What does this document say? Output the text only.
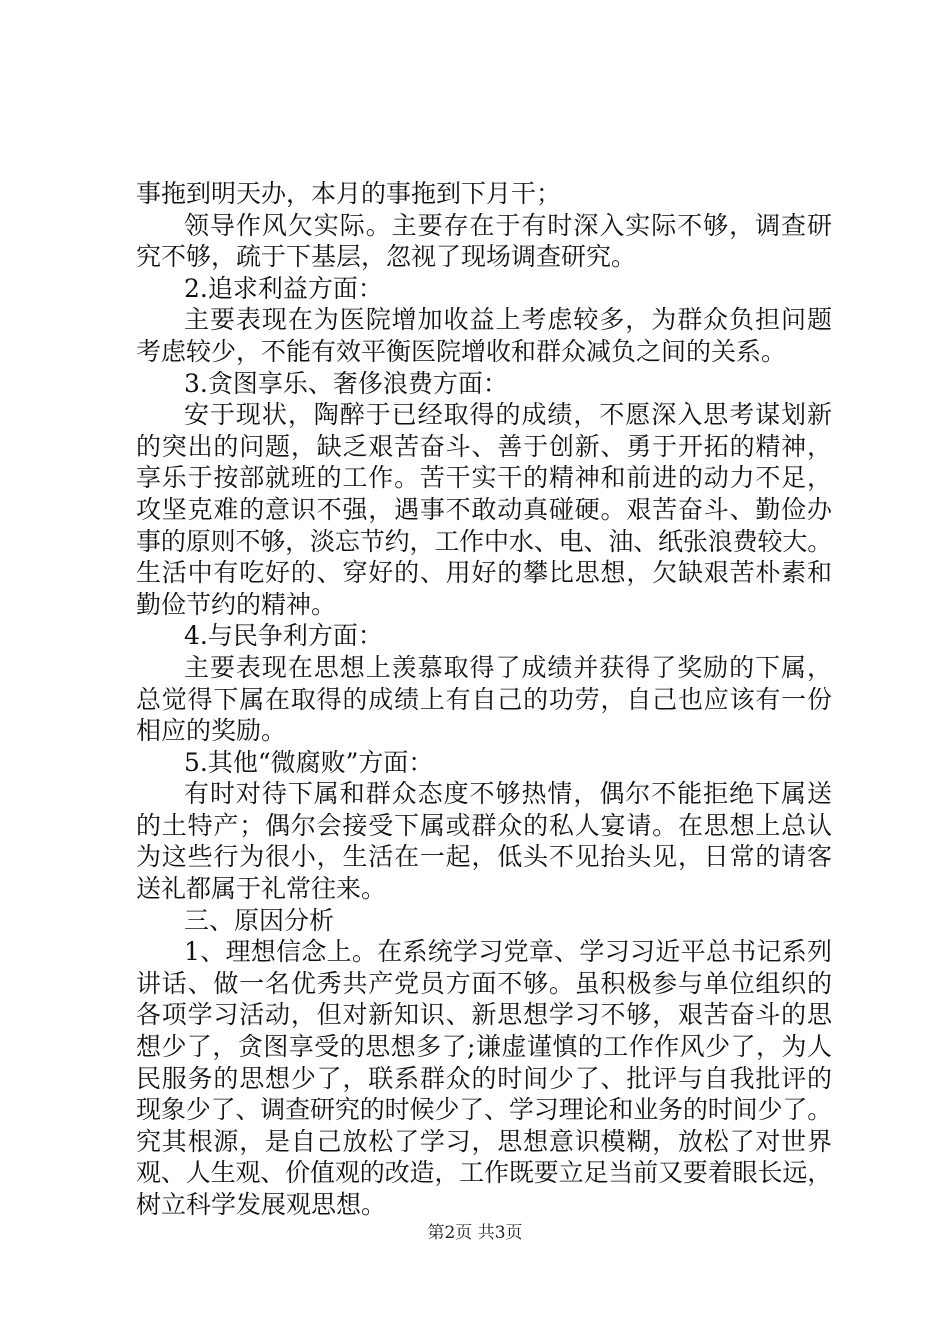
事拖到明天办，本月的事拖到下月干；
领导作风欠实际。主要存在于有时深入实际不够，调查研
究不够，疏于下基层，忽视了现场调查研究。
2.追求利益方面：
主要表现在为医院增加收益上考虑较多，为群众负担问题
考虑较少，不能有效平衡医院增收和群众减负之间的关系。
3.贪图享乐、奢侈浪费方面：
安于现状，陶醉于已经取得的成绩，不愿深入思考谋划新
的突出的问题，缺乏艰苦奋斗、善于创新、勇于开拓的精神，
享乐于按部就班的工作。苦干实干的精神和前进的动力不足，
攻坚克难的意识不强，遇事不敢动真碰硬。艰苦奋斗、勤俭办
事的原则不够，淡忘节约，工作中水、电、油、纸张浪费较大。
生活中有吃好的、穿好的、用好的攀比思想，欠缺艰苦朴素和
勤俭节约的精神。
4.与民争利方面：
主要表现在思想上羡慕取得了成绩并获得了奖励的下属，
总觉得下属在取得的成绩上有自己的功劳，自己也应该有一份
相应的奖励。
5.其他“微腐败”方面：
有时对待下属和群众态度不够热情，偶尔不能拒绝下属送
的土特产；偶尔会接受下属或群众的私人宴请。在思想上总认
为这些行为很小，生活在一起，低头不见抬头见，日常的请客
送礼都属于礼常往来。
三、原因分析
1、理想信念上。在系统学习党章、学习习近平总书记系列
讲话、做一名优秀共产党员方面不够。虽积极参与单位组织的
各项学习活动，但对新知识、新思想学习不够，艰苦奋斗的思
想少了，贪图享受的思想多了;谦虚谨慎的工作作风少了，为人
民服务的思想少了，联系群众的时间少了、批评与自我批评的
现象少了、调查研究的时候少了、学习理论和业务的时间少了。
究其根源，是自己放松了学习，思想意识模糊，放松了对世界
观、人生观、价值观的改造，工作既要立足当前又要着眼长远，
树立科学发展观思想。
第2页 共3页
